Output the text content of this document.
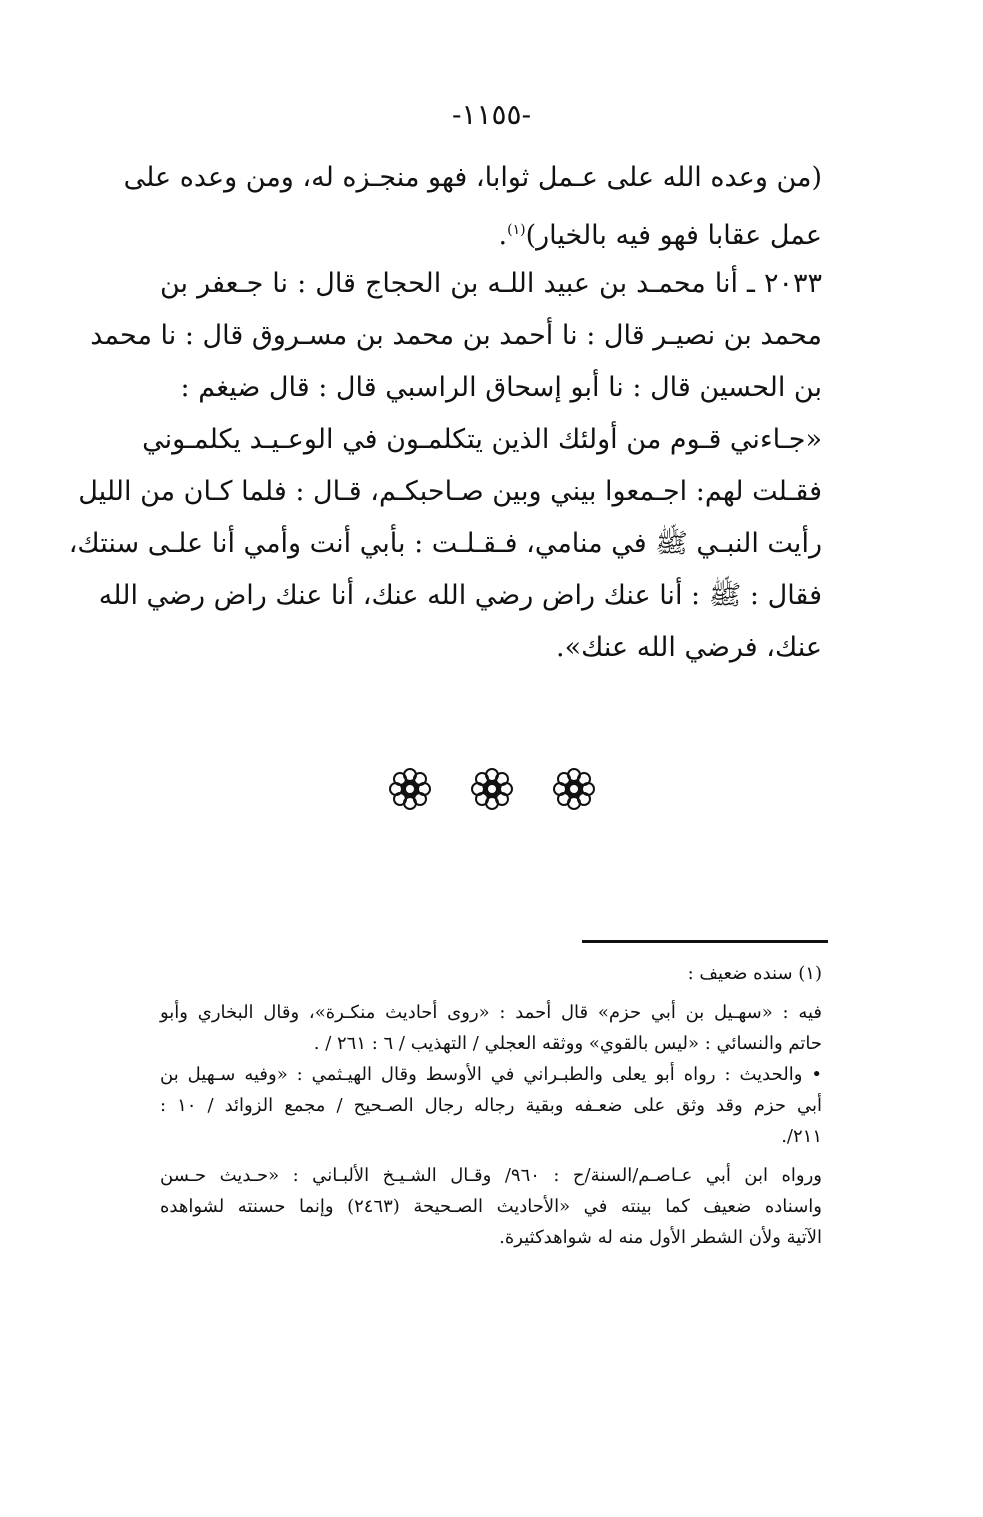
-١١٥٥-
(من وعده الله على عـمل ثوابا، فهو منجـزه له، ومن وعده على
عمل عقابا فهو فيه بالخيار)$^{(١)}$.
٢٠٣٣ ـ أنا محمـد بن عبيد اللـه بن الحجاج قال : نا جـعفر بن
محمد بن نصيـر قال : نا أحمد بن محمد بن مسـروق قال : نا محمد
بن الحسين قال : نا أبو إسحاق الراسبي قال : قال ضيغم :
«جـاءني قـوم من أولئك الذين يتكلمـون في الوعـيـد يكلمـوني
فقـلت لهم: اجـمعوا بيني وبين صـاحبكـم، قـال : فلما كـان من الليل
رأيت النبـي ﷺ في منامي، فـقـلـت : بأبي أنت وأمي أنا علـى سنتك،
فقال : ﷺ : أنا عنك راض رضي الله عنك، أنا عنك راض رضي الله
عنك، فرضي الله عنك».
(١) سنده ضعيف :
فيه : «سهـيل بن أبي حزم» قال أحمد : «روى أحاديث منكـرة»، وقال البخاري وأبو
حاتم والنسائي : «ليس بالقوي» ووثقه العجلي / التهذيب / ٦ : ٢٦١ / .
• والحديث : رواه أبو يعلى والطبـراني في الأوسط وقال الهيـثمي : «وفيه سـهيل بن
أبي حزم وقد وثق على ضعـفه وبقية رجاله رجال الصـحيح / مجمع الزوائد / ١٠ :
٢١١/.
ورواه ابن أبي عـاصـم/السنة/ح : ٩٦٠/ وقـال الشـيـخ الألبـاني : «حـديث حـسن
واسناده ضعيف كما بينته في «الأحاديث الصـحيحة (٢٤٦٣) وإنما حسنته لشواهده
الآتية ولأن الشطر الأول منه له شواهدكثيرة.
